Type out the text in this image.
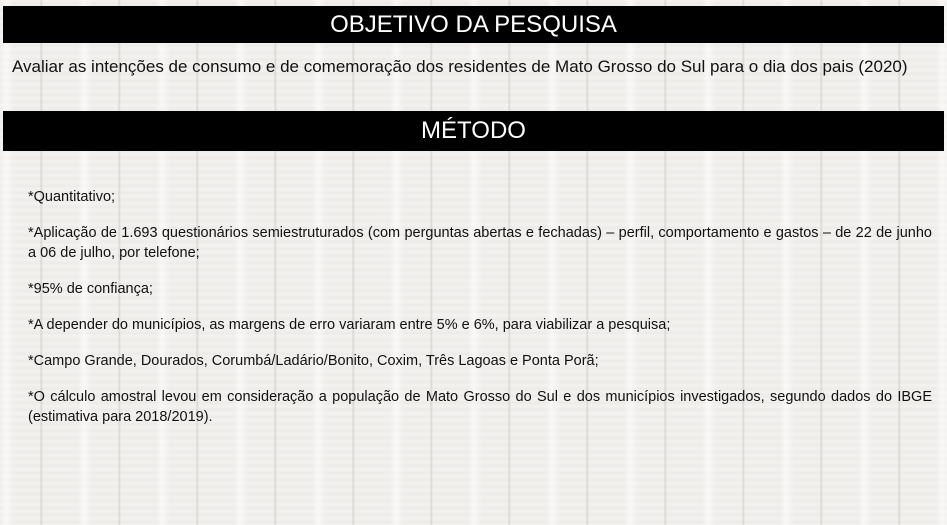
OBJETIVO DA PESQUISA

Avaliar as intenções de consumo e de comemoração dos residentes de Mato Grosso do Sul para o dia dos pais (2020)

MÉTODO
*Quantitativo;
*Aplicação de 1.693 questionários semiestruturados (com perguntas abertas e fechadas) – perfil, comportamento e gastos – de 22 de junho a 06 de julho, por telefone;
*95% de confiança;
*A depender do municípios, as margens de erro variaram entre 5% e 6%, para viabilizar a pesquisa;
*Campo Grande, Dourados, Corumbá/Ladário/Bonito, Coxim, Três Lagoas e Ponta Porã;
*O cálculo amostral levou em consideração a população de Mato Grosso do Sul e dos municípios investigados, segundo dados do IBGE (estimativa para 2018/2019).
